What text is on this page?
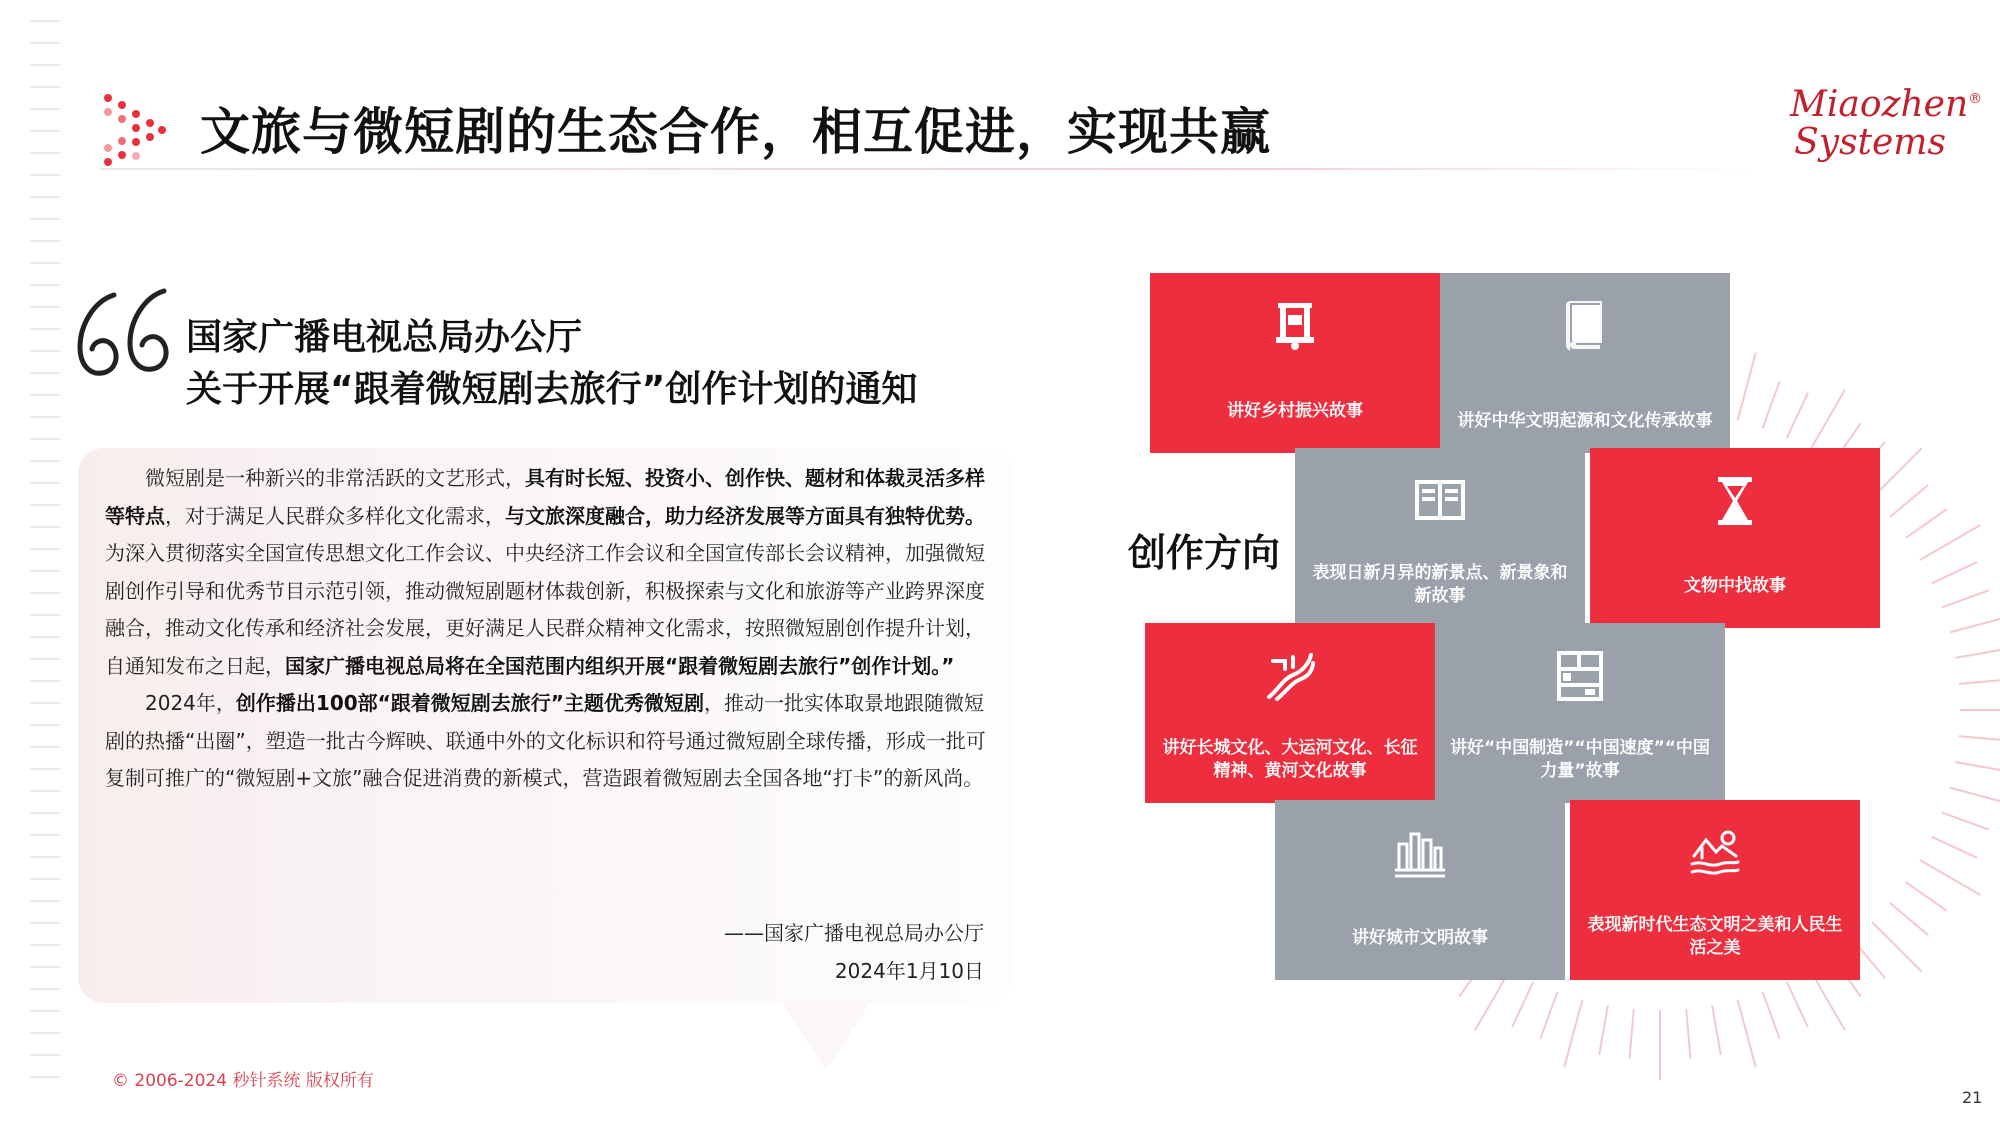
文旅与微短剧的生态合作，相互促进，实现共赢	Miaozhen®
Systems
国家广播电视总局办公厅
关于开展“跟着微短剧去旅行”创作计划的通知

微短剧是一种新兴的非常活跃的文艺形式，具有时长短、投资小、创作快、题材和体裁灵活多样等特点，对于满足人民群众多样化文化需求，与文旅深度融合，助力经济发展等方面具有独特优势。为深入贯彻落实全国宣传思想文化工作会议、中央经济工作会议和全国宣传部长会议精神，加强微短剧创作引导和优秀节目示范引领，推动微短剧题材体裁创新，积极探索与文化和旅游等产业跨界深度融合，推动文化传承和经济社会发展，更好满足人民群众精神文化需求，按照微短剧创作提升计划，自通知发布之日起，国家广播电视总局将在全国范围内组织开展“跟着微短剧去旅行”创作计划。”

2024年，创作播出100部“跟着微短剧去旅行”主题优秀微短剧，推动一批实体取景地跟随微短剧的热播“出圈”，塑造一批古今辉映、联通中外的文化标识和符号通过微短剧全球传播，形成一批可复制可推广的“微短剧+文旅”融合促进消费的新模式，营造跟着微短剧去全国各地“打卡”的新风尚。

——国家广播电视总局办公厅
2024年1月10日
创作方向
讲好乡村振兴故事	讲好中华文明起源和文化传承故事
表现日新月异的新景点、新景象和新故事	文物中找故事
讲好长城文化、大运河文化、长征精神、黄河文化故事
讲好“中国制造”“中国速度”“中国力量”故事
讲好城市文明故事
表现新时代生态文明之美和人民生活之美
© 2006-2024 秒针系统 版权所有
21
